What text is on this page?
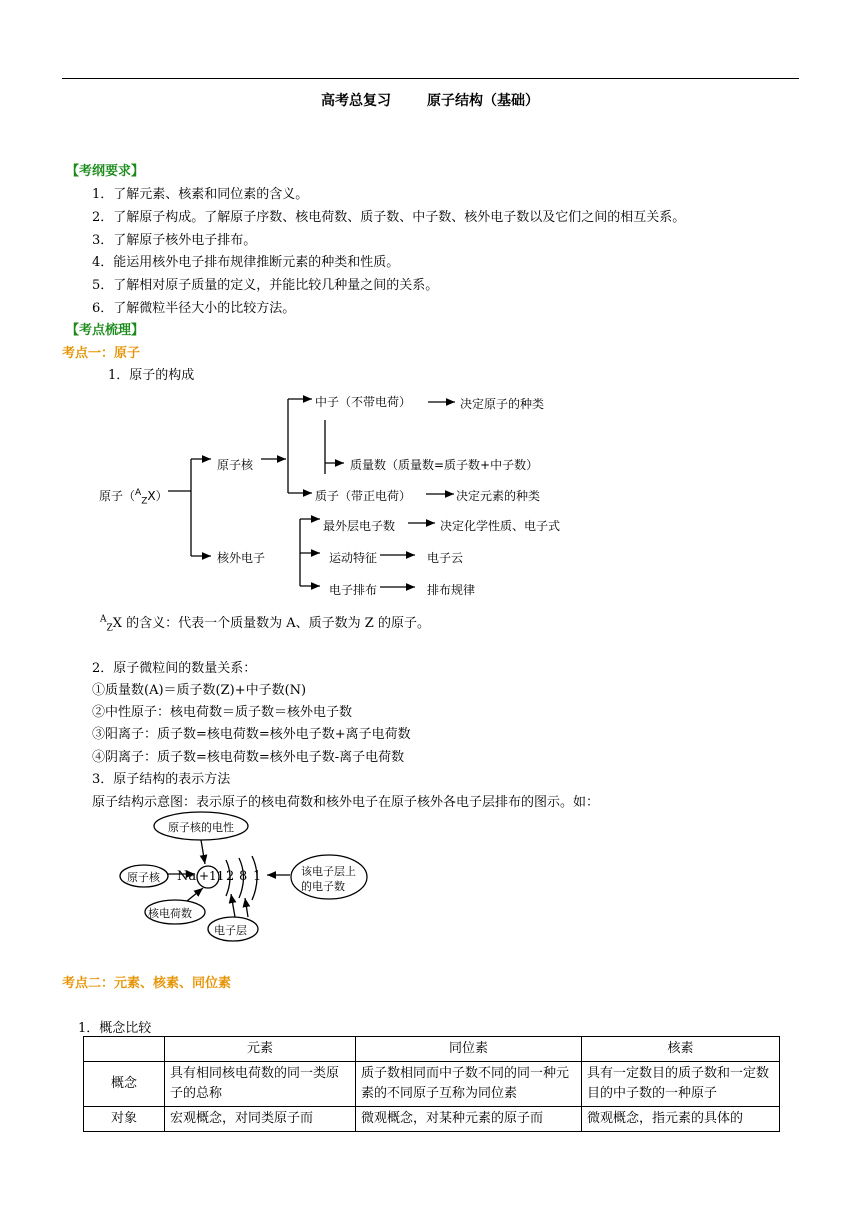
高考总复习	原子结构（基础）
【考纲要求】
1．了解元素、核素和同位素的含义。
2．了解原子构成。了解原子序数、核电荷数、质子数、中子数、核外电子数以及它们之间的相互关系。
3．了解原子核外电子排布。
4．能运用核外电子排布规律推断元素的种类和性质。
5．了解相对原子质量的定义，并能比较几种量之间的关系。
6．了解微粒半径大小的比较方法。
【考点梳理】
考点一：原子
1．原子的构成
原子（$^A_Z$X）
原子核
中子（不带电荷）	决定原子的种类
质量数（质量数=质子数+中子数）
质子（带正电荷）	决定元素的种类
核外电子
最外层电子数	决定化学性质、电子式
运动特征	电子云
电子排布	排布规律
$^A_Z$X 的含义：代表一个质量数为 A、质子数为 Z 的原子。
2．原子微粒间的数量关系：
①质量数(A)＝质子数(Z)+中子数(N)
②中性原子：核电荷数＝质子数＝核外电子数
③阳离子：质子数=核电荷数=核外电子数+离子电荷数
④阴离子：质子数=核电荷数=核外电子数-离子电荷数
3．原子结构的表示方法
原子结构示意图：表示原子的核电荷数和核外电子在原子核外各电子层排布的图示。如：
原子核的电性
原子核 Na +11 2 8 1
核电荷数
电子层
该电子层上
的电子数
考点二：元素、核素、同位素
1．概念比较
	元素	同位素	核素
概念	具有相同核电荷数的同一类原子的总称	质子数相同而中子数不同的同一种元素的不同原子互称为同位素	具有一定数目的质子数和一定数目的中子数的一种原子
对象	宏观概念，对同类原子而	微观概念，对某种元素的原子而	微观概念，指元素的具体的
